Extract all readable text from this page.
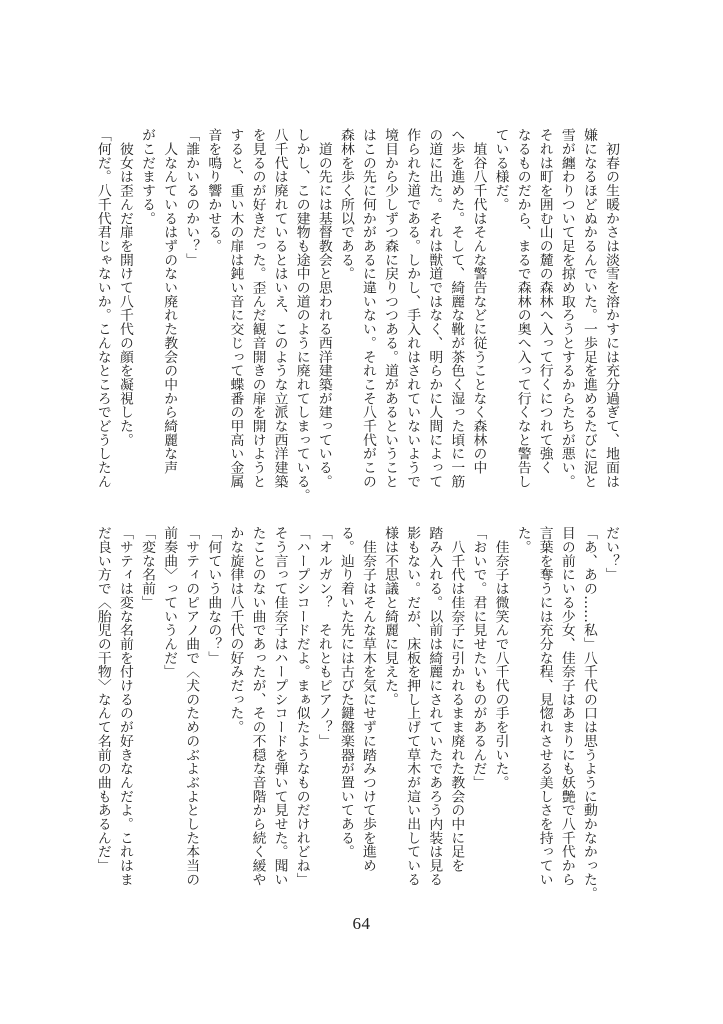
　初春の生暖かさは淡雪を溶かすには充分過ぎて、地面は
嫌になるほどぬかるんでいた。一歩足を進めるたびに泥と
雪が纏わりついて足を掠め取ろうとするからたちが悪い。
それは町を囲む山の麓の森林へ入って行くにつれて強く
なるものだから、まるで森林の奥へ入って行くなと警告し
ている様だ。
　埴谷八千代はそんな警告などに従うことなく森林の中
へ歩を進めた。そして、綺麗な靴が茶色く湿った頃に一筋
の道に出た。それは獣道ではなく、明らかに人間によって
作られた道である。しかし、手入れはされていないようで
境目から少しずつ森に戻りつつある。道があるということ
はこの先に何かがあるに違いない。それこそ八千代がこの
森林を歩く所以である。
　道の先には基督教会と思われる西洋建築が建っている。
しかし、この建物も途中の道のように廃れてしまっている。
八千代は廃れているとはいえ、このような立派な西洋建築
を見るのが好きだった。歪んだ観音開きの扉を開けようと
すると、重い木の扉は鈍い音に交じって蝶番の甲高い金属
音を鳴り響かせる。
「誰かいるのかい？」
　人なんているはずのない廃れた教会の中から綺麗な声
がこだまする。
　彼女は歪んだ扉を開けて八千代の顔を凝視した。
「何だ。八千代君じゃないか。こんなところでどうしたん
だい？」
「あ、あの……私」八千代の口は思うように動かなかった。
目の前にいる少女、佳奈子はあまりにも妖艶で八千代から
言葉を奪うには充分な程、見惚れさせる美しさを持ってい
た。
　佳奈子は微笑んで八千代の手を引いた。
「おいで。君に見せたいものがあるんだ」
　八千代は佳奈子に引かれるまま廃れた教会の中に足を
踏み入れる。以前は綺麗にされていたであろう内装は見る
影もない。だが、床板を押し上げて草木が這い出している
様は不思議と綺麗に見えた。
　佳奈子はそんな草木を気にせずに踏みつけて歩を進め
る。辿り着いた先には古びた鍵盤楽器が置いてある。
「オルガン？　それともピアノ？」
「ハープシコードだよ。まぁ似たようなものだけれどね」
そう言って佳奈子はハープシコードを弾いて見せた。聞い
たことのない曲であったが、その不穏な音階から続く緩や
かな旋律は八千代の好みだった。
「何ていう曲なの？」
「サティのピアノ曲で〈犬のためのぶよぶよとした本当の
前奏曲〉っていうんだ」
「変な名前」
「サティは変な名前を付けるのが好きなんだよ。これはま
だ良い方で〈胎児の干物〉なんて名前の曲もあるんだ」
64
